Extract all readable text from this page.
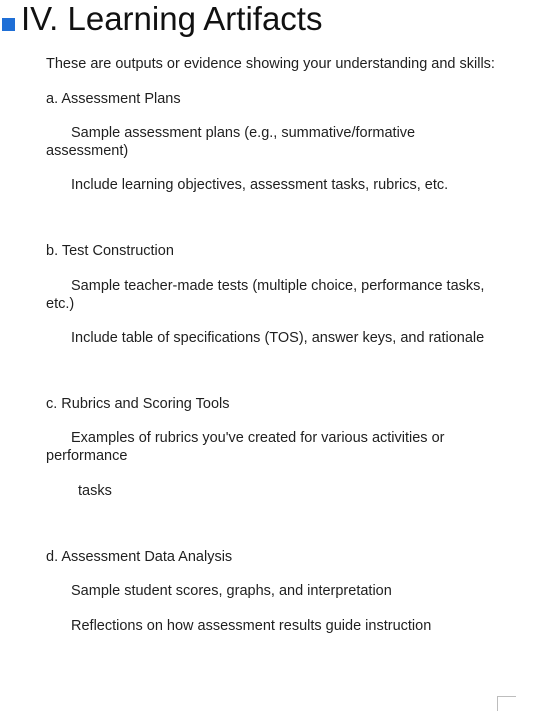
IV. Learning Artifacts
These are outputs or evidence showing your understanding and skills:
a. Assessment Plans
Sample assessment plans (e.g., summative/formative assessment)
Include learning objectives, assessment tasks, rubrics, etc.
b. Test Construction
Sample teacher-made tests (multiple choice, performance tasks, etc.)
Include table of specifications (TOS), answer keys, and rationale
c. Rubrics and Scoring Tools
Examples of rubrics you've created for various activities or performance
tasks
d. Assessment Data Analysis
Sample student scores, graphs, and interpretation
Reflections on how assessment results guide instruction
